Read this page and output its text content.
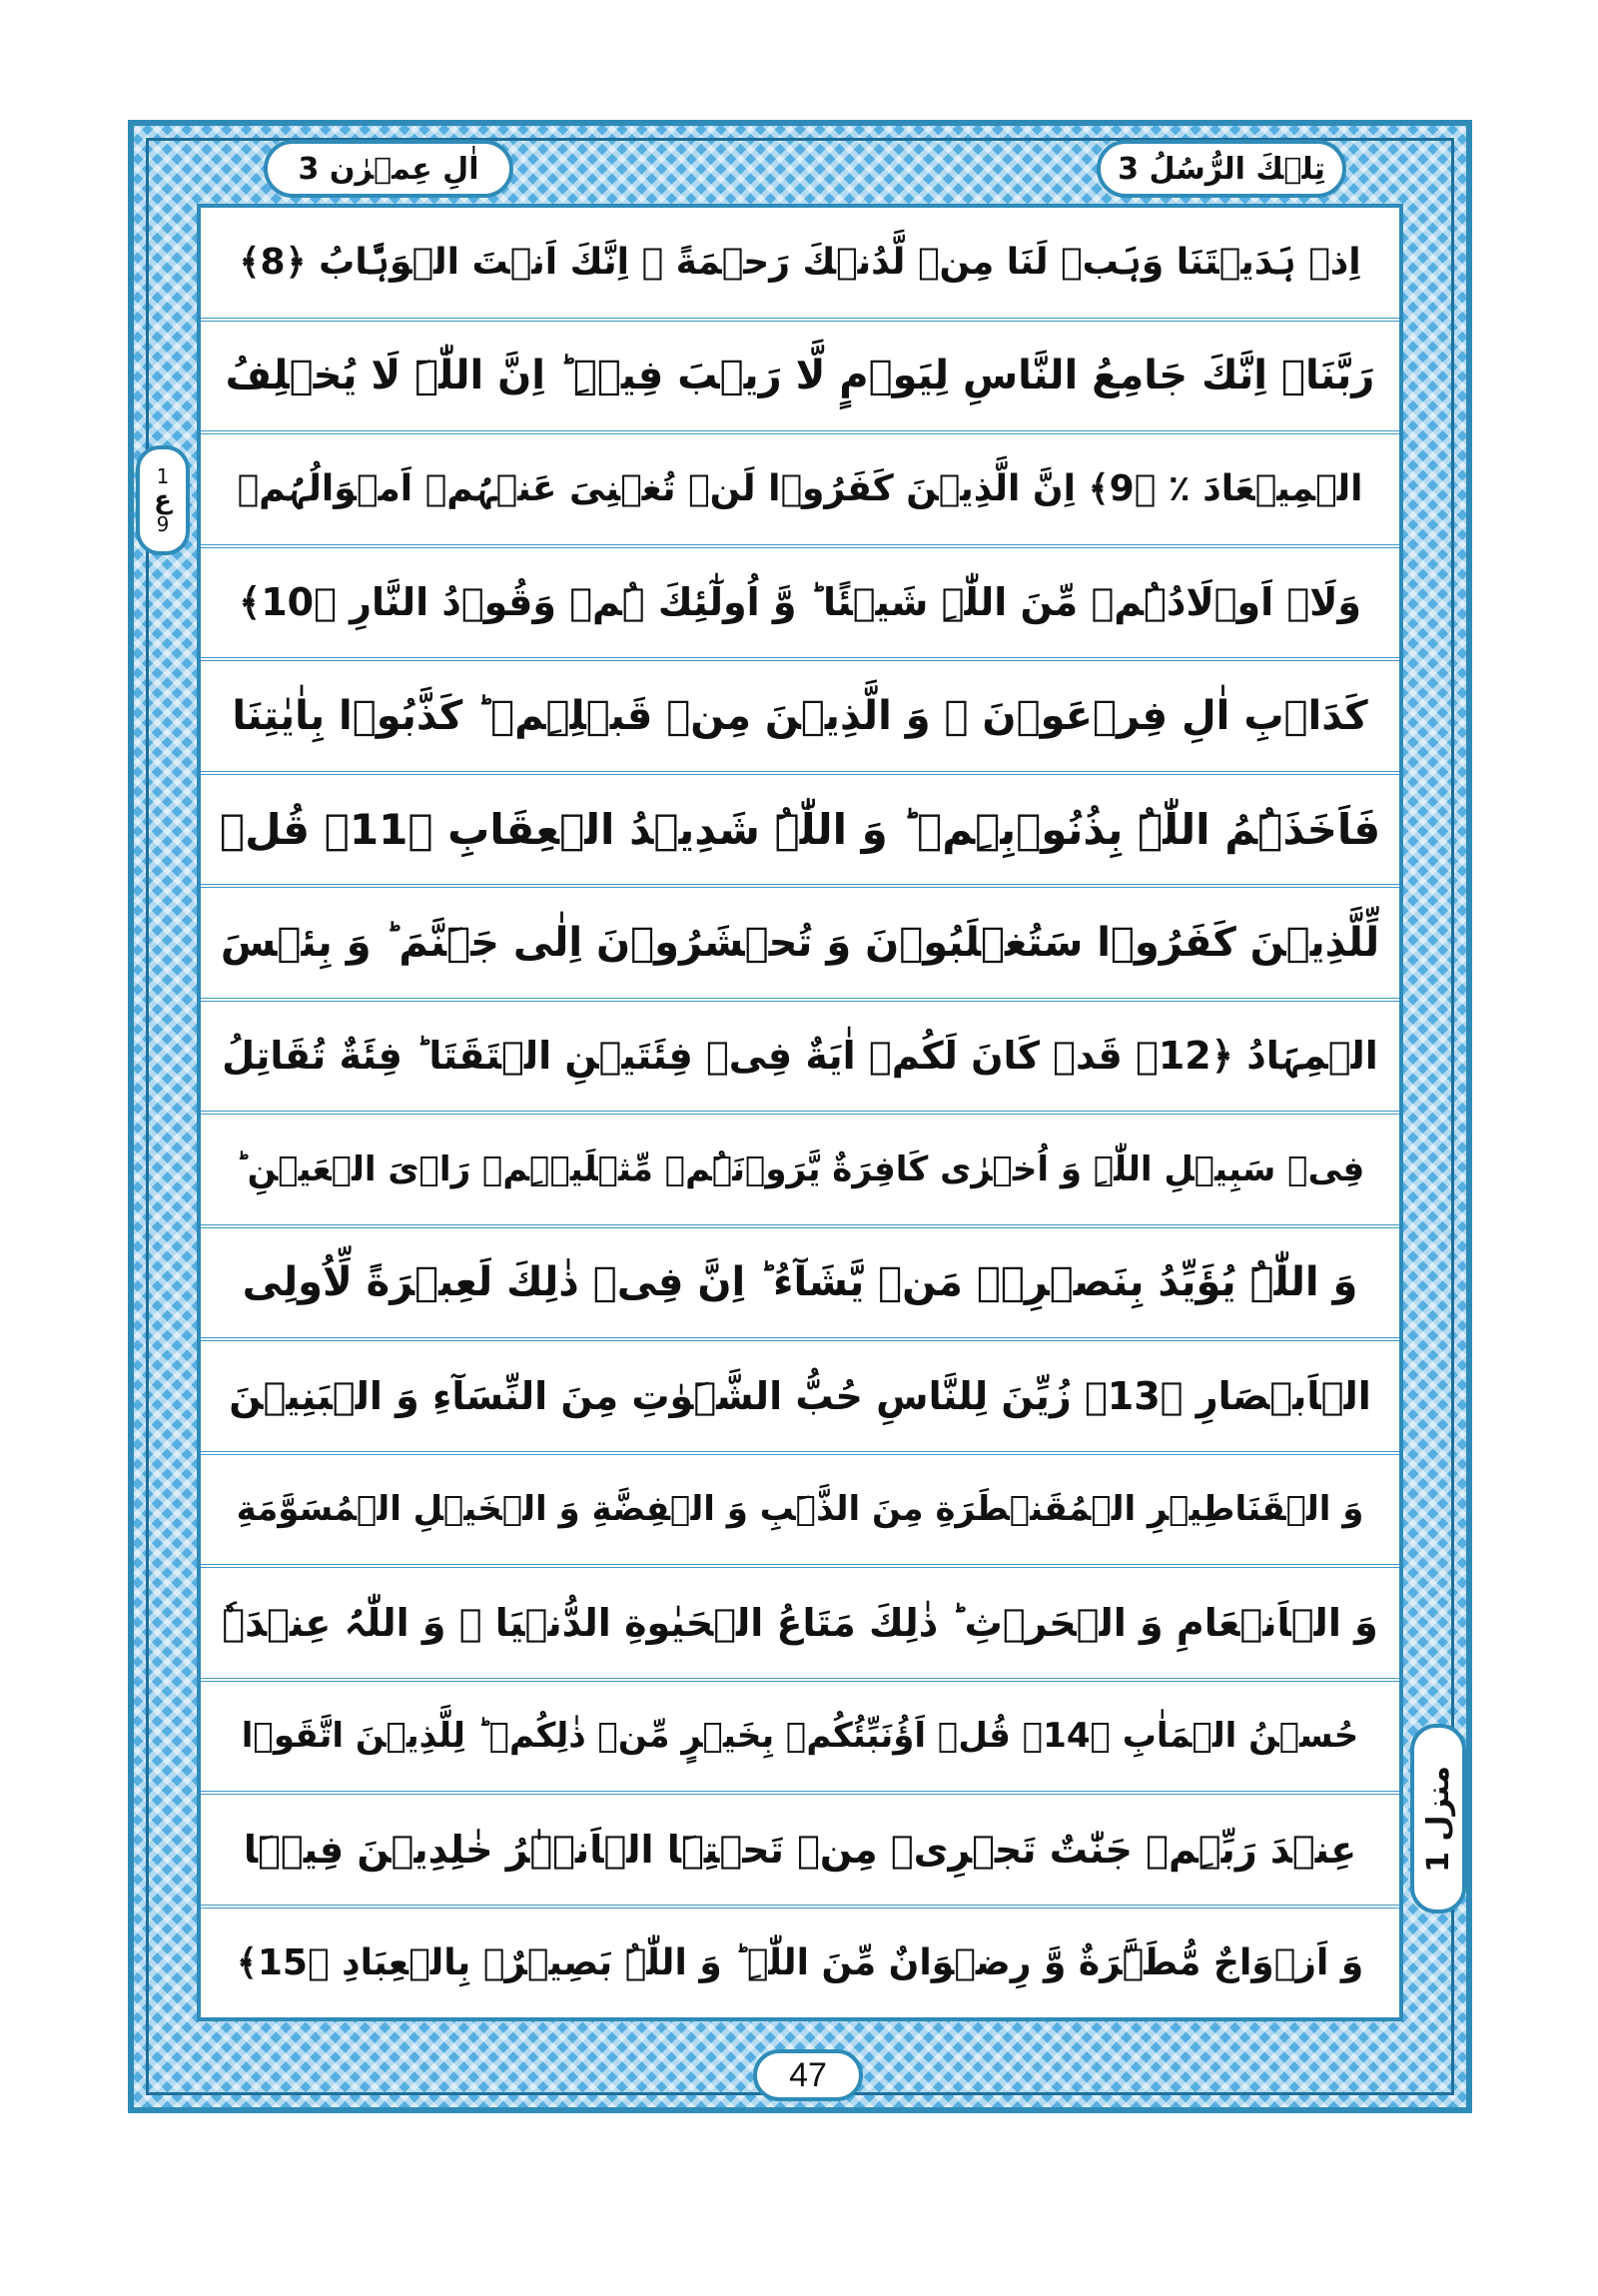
تِلۡكَ الرُّسُلُ 3
اٰلِ عِمۡرٰن 3
1
ع
9
منزل 1
اِذۡ ہَدَیۡتَنَا وَہَبۡ لَنَا مِنۡ لَّدُنۡكَ رَحۡمَةً ۚ اِنَّكَ اَنۡتَ الۡوَہَّابُ ﴿8﴾
رَبَّنَاۤ اِنَّكَ جَامِعُ النَّاسِ لِیَوۡمٍ لَّا رَیۡبَ فِیۡہِ ؕ اِنَّ اللّٰہَ لَا یُخۡلِفُ
الۡمِیۡعَادَ ٪ ﴿9﴾ اِنَّ الَّذِیۡنَ كَفَرُوۡا لَنۡ تُغۡنِیَ عَنۡہُمۡ اَمۡوَالُہُمۡ
وَلَاۤ اَوۡلَادُہُمۡ مِّنَ اللّٰہِ شَیۡئًا ؕ وَّ اُولٰٓئِكَ ہُمۡ وَقُوۡدُ النَّارِ ﴿10﴾
كَدَاۡبِ اٰلِ فِرۡعَوۡنَ ۙ وَ الَّذِیۡنَ مِنۡ قَبۡلِہِمۡ ؕ كَذَّبُوۡا بِاٰیٰتِنَا
فَاَخَذَہُمُ اللّٰہُ بِذُنُوۡبِہِمۡ ؕ وَ اللّٰہُ شَدِیۡدُ الۡعِقَابِ ﴿11﴾ قُلۡ
لِّلَّذِیۡنَ كَفَرُوۡا سَتُغۡلَبُوۡنَ وَ تُحۡشَرُوۡنَ اِلٰی جَہَنَّمَ ؕ وَ بِئۡسَ
الۡمِہَادُ ﴿12﴾ قَدۡ كَانَ لَكُمۡ اٰیَةٌ فِیۡ فِئَتَیۡنِ الۡتَقَتَا ؕ فِئَةٌ تُقَاتِلُ
فِیۡ سَبِیۡلِ اللّٰہِ وَ اُخۡرٰی كَافِرَةٌ یَّرَوۡنَہُمۡ مِّثۡلَیۡہِمۡ رَاۡیَ الۡعَیۡنِ ؕ
وَ اللّٰہُ یُؤَیِّدُ بِنَصۡرِہٖ مَنۡ یَّشَآءُ ؕ اِنَّ فِیۡ ذٰلِكَ لَعِبۡرَةً لِّاُولِی
الۡاَبۡصَارِ ﴿13﴾ زُیِّنَ لِلنَّاسِ حُبُّ الشَّہَوٰتِ مِنَ النِّسَآءِ وَ الۡبَنِیۡنَ
وَ الۡقَنَاطِیۡرِ الۡمُقَنۡطَرَةِ مِنَ الذَّہَبِ وَ الۡفِضَّةِ وَ الۡخَیۡلِ الۡمُسَوَّمَةِ
وَ الۡاَنۡعَامِ وَ الۡحَرۡثِ ؕ ذٰلِكَ مَتَاعُ الۡحَیٰوةِ الدُّنۡیَا ۚ وَ اللّٰہُ عِنۡدَہٗ
حُسۡنُ الۡمَاٰبِ ﴿14﴾ قُلۡ اَؤُنَبِّئُكُمۡ بِخَیۡرٍ مِّنۡ ذٰلِكُمۡ ؕ لِلَّذِیۡنَ اتَّقَوۡا
عِنۡدَ رَبِّہِمۡ جَنّٰتٌ تَجۡرِیۡ مِنۡ تَحۡتِہَا الۡاَنۡہٰرُ خٰلِدِیۡنَ فِیۡہَا
وَ اَزۡوَاجٌ مُّطَہَّرَةٌ وَّ رِضۡوَانٌ مِّنَ اللّٰہِ ؕ وَ اللّٰہُ بَصِیۡرٌۢ بِالۡعِبَادِ ﴿15﴾
47
